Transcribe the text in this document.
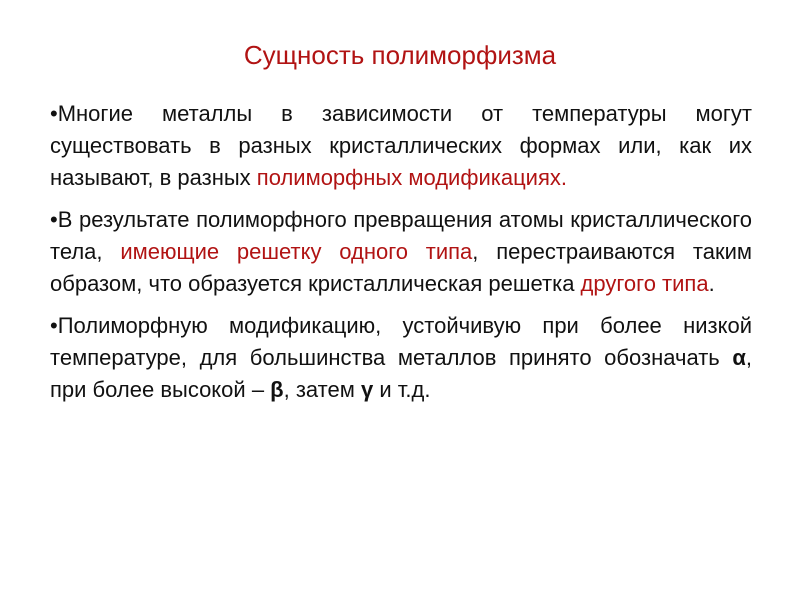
Сущность полиморфизма

•Многие металлы в зависимости от температуры могут существовать в разных кристаллических формах или, как их называют, в разных полиморфных модификациях.

•В результате полиморфного превращения атомы кристаллического тела, имеющие решетку одного типа, перестраиваются таким образом, что образуется кристаллическая решетка другого типа.

•Полиморфную модификацию, устойчивую при более низкой температуре, для большинства металлов принято обозначать α, при более высокой – β, затем γ и т.д.
